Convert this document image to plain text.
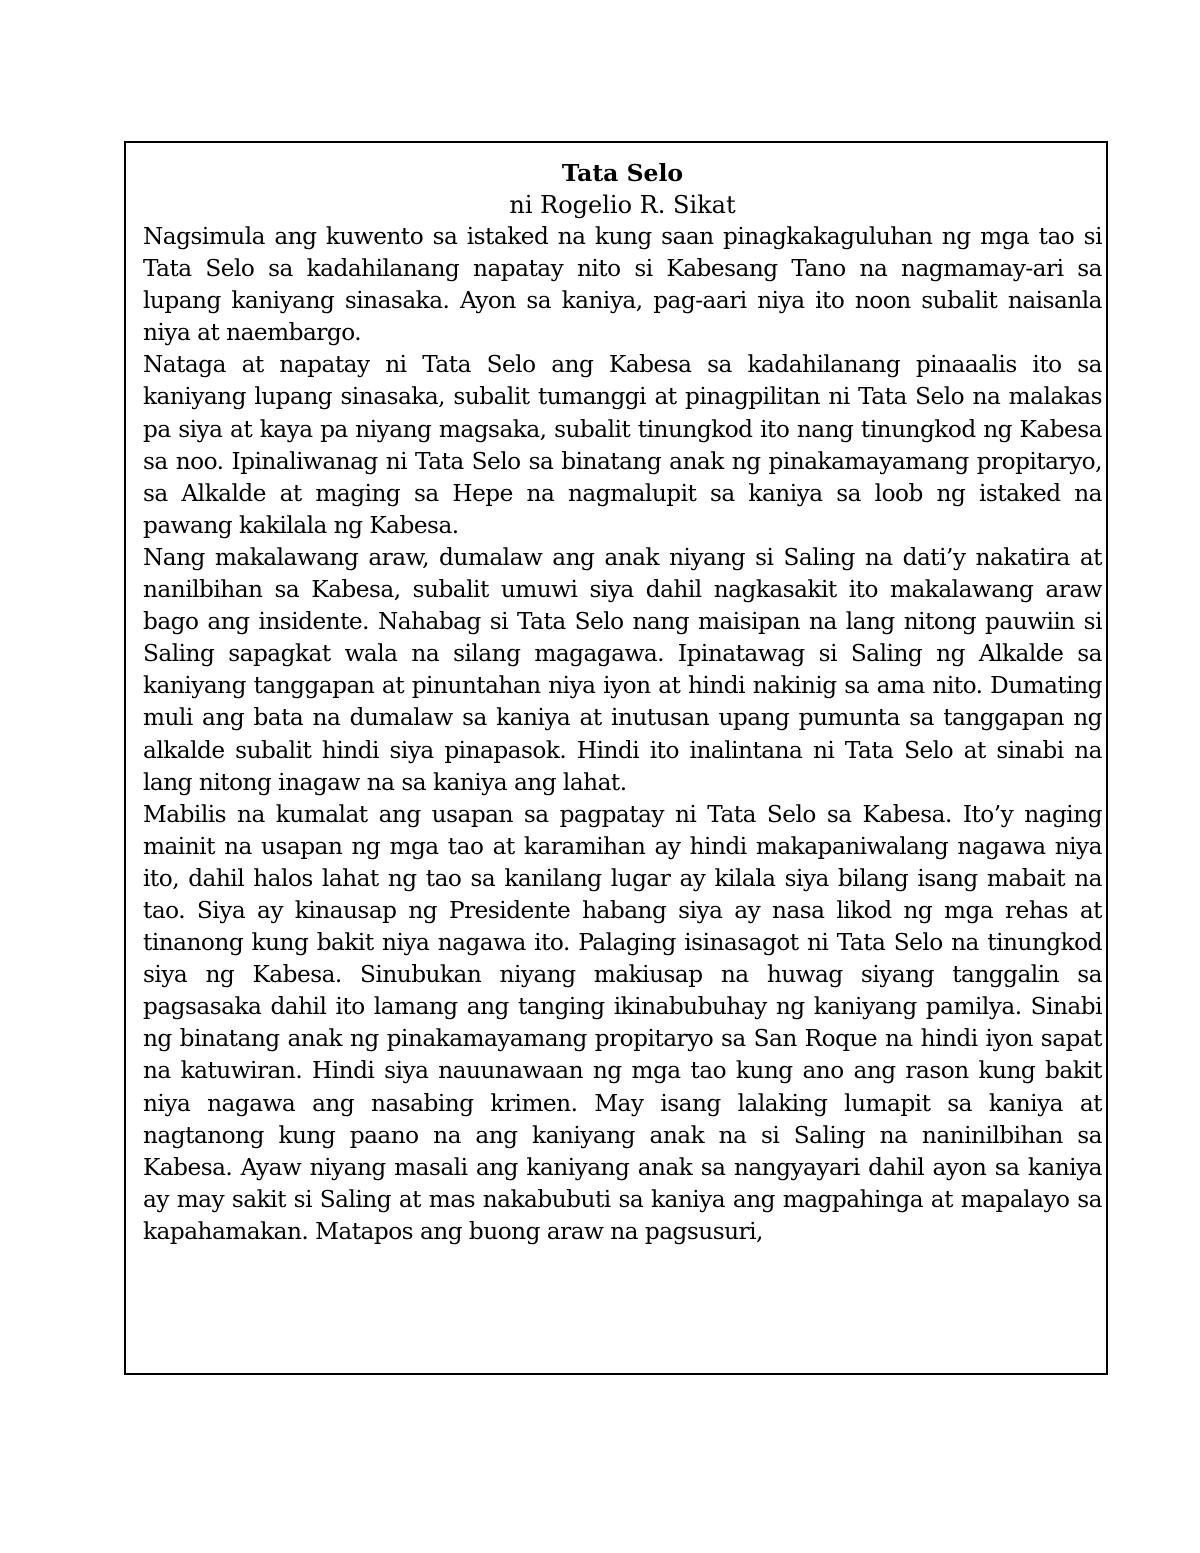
Tata Selo

ni Rogelio R. Sikat

Nagsimula ang kuwento sa istaked na kung saan pinagkakaguluhan ng mga tao si Tata Selo sa kadahilanang napatay nito si Kabesang Tano na nagmamay-ari sa lupang kaniyang sinasaka. Ayon sa kaniya, pag-aari niya ito noon subalit naisanla niya at naembargo.

Nataga at napatay ni Tata Selo ang Kabesa sa kadahilanang pinaaalis ito sa kaniyang lupang sinasaka, subalit tumanggi at pinagpilitan ni Tata Selo na malakas pa siya at kaya pa niyang magsaka, subalit tinungkod ito nang tinungkod ng Kabesa sa noo. Ipinaliwanag ni Tata Selo sa binatang anak ng pinakamayamang propitaryo, sa Alkalde at maging sa Hepe na nagmalupit sa kaniya sa loob ng istaked na pawang kakilala ng Kabesa.

Nang makalawang araw, dumalaw ang anak niyang si Saling na dati’y nakatira at nanilbihan sa Kabesa, subalit umuwi siya dahil nagkasakit ito makalawang araw bago ang insidente. Nahabag si Tata Selo nang maisipan na lang nitong pauwiin si Saling sapagkat wala na silang magagawa. Ipinatawag si Saling ng Alkalde sa kaniyang tanggapan at pinuntahan niya iyon at hindi nakinig sa ama nito. Dumating muli ang bata na dumalaw sa kaniya at inutusan upang pumunta sa tanggapan ng alkalde subalit hindi siya pinapasok. Hindi ito inalintana ni Tata Selo at sinabi na lang nitong inagaw na sa kaniya ang lahat.

Mabilis na kumalat ang usapan sa pagpatay ni Tata Selo sa Kabesa. Ito’y naging mainit na usapan ng mga tao at karamihan ay hindi makapaniwalang nagawa niya ito, dahil halos lahat ng tao sa kanilang lugar ay kilala siya bilang isang mabait na tao. Siya ay kinausap ng Presidente habang siya ay nasa likod ng mga rehas at tinanong kung bakit niya nagawa ito. Palaging isinasagot ni Tata Selo na tinungkod siya ng Kabesa. Sinubukan niyang makiusap na huwag siyang tanggalin sa pagsasaka dahil ito lamang ang tanging ikinabubuhay ng kaniyang pamilya. Sinabi ng binatang anak ng pinakamayamang propitaryo sa San Roque na hindi iyon sapat na katuwiran. Hindi siya nauunawaan ng mga tao kung ano ang rason kung bakit niya nagawa ang nasabing krimen. May isang lalaking lumapit sa kaniya at nagtanong kung paano na ang kaniyang anak na si Saling na naninilbihan sa Kabesa. Ayaw niyang masali ang kaniyang anak sa nangyayari dahil ayon sa kaniya ay may sakit si Saling at mas nakabubuti sa kaniya ang magpahinga at mapalayo sa kapahamakan. Matapos ang buong araw na pagsusuri,
